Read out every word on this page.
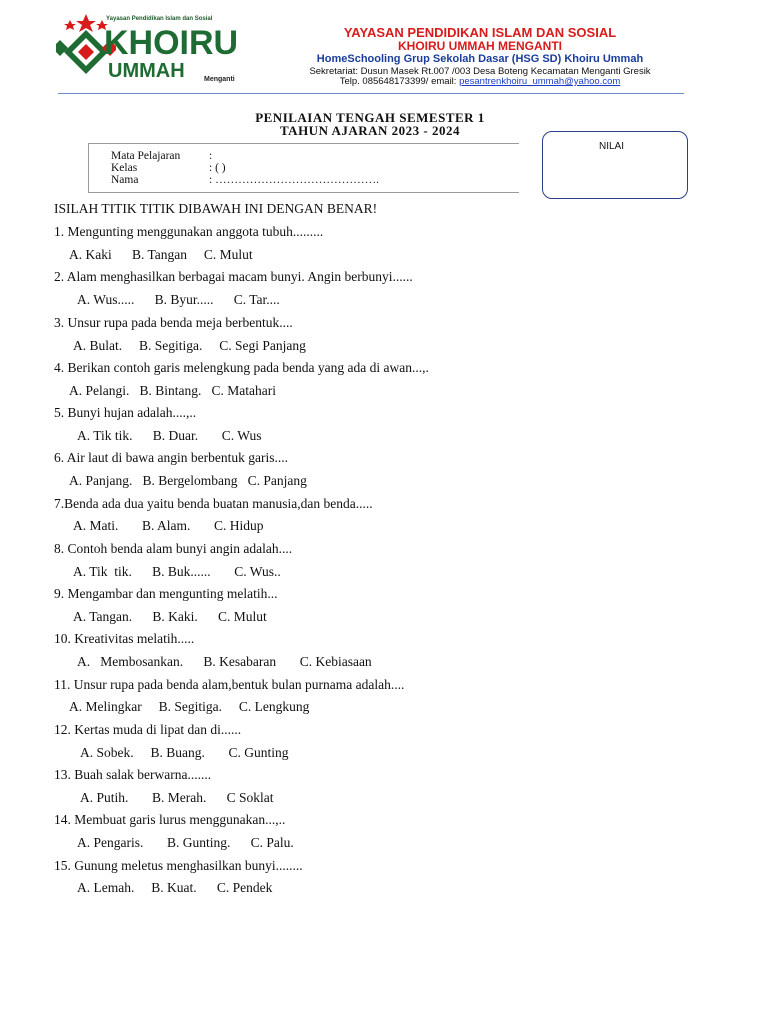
Yayasan Pendidikan Islam dan Sosial
KHOIRU
UMMAH	Menganti
YAYASAN PENDIDIKAN ISLAM DAN SOSIAL
KHOIRU UMMAH MENGANTI
HomeSchooling Grup Sekolah Dasar (HSG SD) Khoiru Ummah
Sekretariat: Dusun Masek Rt.007 /003 Desa Boteng Kecamatan Menganti Gresik
Telp. 085648173399/ email: pesantrenkhoiru_ummah@yahoo.com
PENILAIAN TENGAH SEMESTER 1
TAHUN AJARAN 2023 - 2024
Mata Pelajaran :
Kelas	: ( )
Nama	: …………………………………….
NILAI
ISILAH TITIK TITIK DIBAWAH INI DENGAN BENAR!
1. Mengunting menggunakan anggota tubuh.........
A. Kaki      B. Tangan     C. Mulut
2. Alam menghasilkan berbagai macam bunyi. Angin berbunyi......
A. Wus.....      B. Byur.....      C. Tar....
3. Unsur rupa pada benda meja berbentuk....
A. Bulat.     B. Segitiga.     C. Segi Panjang
4. Berikan contoh garis melengkung pada benda yang ada di awan...,.
A. Pelangi.   B. Bintang.   C. Matahari
5. Bunyi hujan adalah....,..
A. Tik tik.      B. Duar.       C. Wus
6. Air laut di bawa angin berbentuk garis....
A. Panjang.   B. Bergelombang   C. Panjang
7.Benda ada dua yaitu benda buatan manusia,dan benda.....
A. Mati.       B. Alam.       C. Hidup
8. Contoh benda alam bunyi angin adalah....
A. Tik  tik.      B. Buk......       C. Wus..
9. Mengambar dan mengunting melatih...
A. Tangan.      B. Kaki.      C. Mulut
10. Kreativitas melatih.....
A.   Membosankan.      B. Kesabaran       C. Kebiasaan
11. Unsur rupa pada benda alam,bentuk bulan purnama adalah....
A. Melingkar     B. Segitiga.     C. Lengkung
12. Kertas muda di lipat dan di......
A. Sobek.     B. Buang.       C. Gunting
13. Buah salak berwarna.......
A. Putih.       B. Merah.      C Soklat
14. Membuat garis lurus menggunakan...,..
A. Pengaris.       B. Gunting.      C. Palu.
15. Gunung meletus menghasilkan bunyi........
A. Lemah.     B. Kuat.      C. Pendek
